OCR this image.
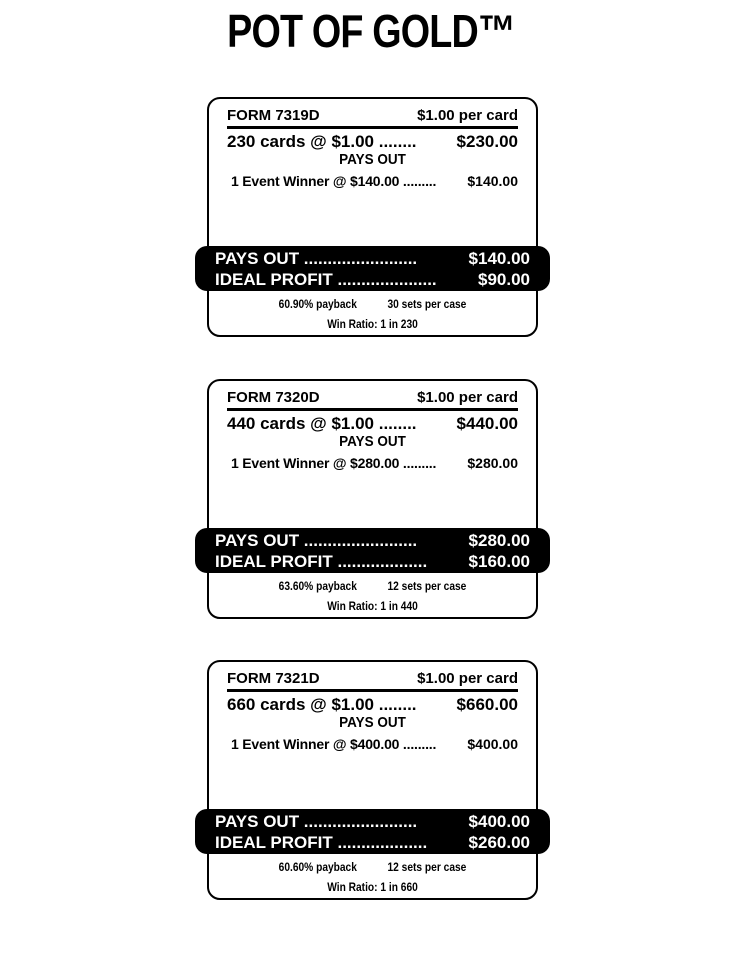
POT OF GOLD™
FORM 7319D	$1.00 per card
230 cards @ $1.00 ........ $230.00
PAYS OUT
1 Event Winner @ $140.00 ......... $140.00
PAYS OUT ........................	$140.00
IDEAL PROFIT ..................... $90.00
60.90% payback	30 sets per case
Win Ratio: 1 in 230
FORM 7320D	$1.00 per card
440 cards @ $1.00 ........ $440.00
PAYS OUT
1 Event Winner @ $280.00 ......... $280.00
PAYS OUT ........................	$280.00
IDEAL PROFIT ................... $160.00
63.60% payback	12 sets per case
Win Ratio: 1 in 440
FORM 7321D	$1.00 per card
660 cards @ $1.00 ........ $660.00
PAYS OUT
1 Event Winner @ $400.00 ......... $400.00
PAYS OUT ........................	$400.00
IDEAL PROFIT ................... $260.00
60.60% payback	12 sets per case
Win Ratio: 1 in 660
